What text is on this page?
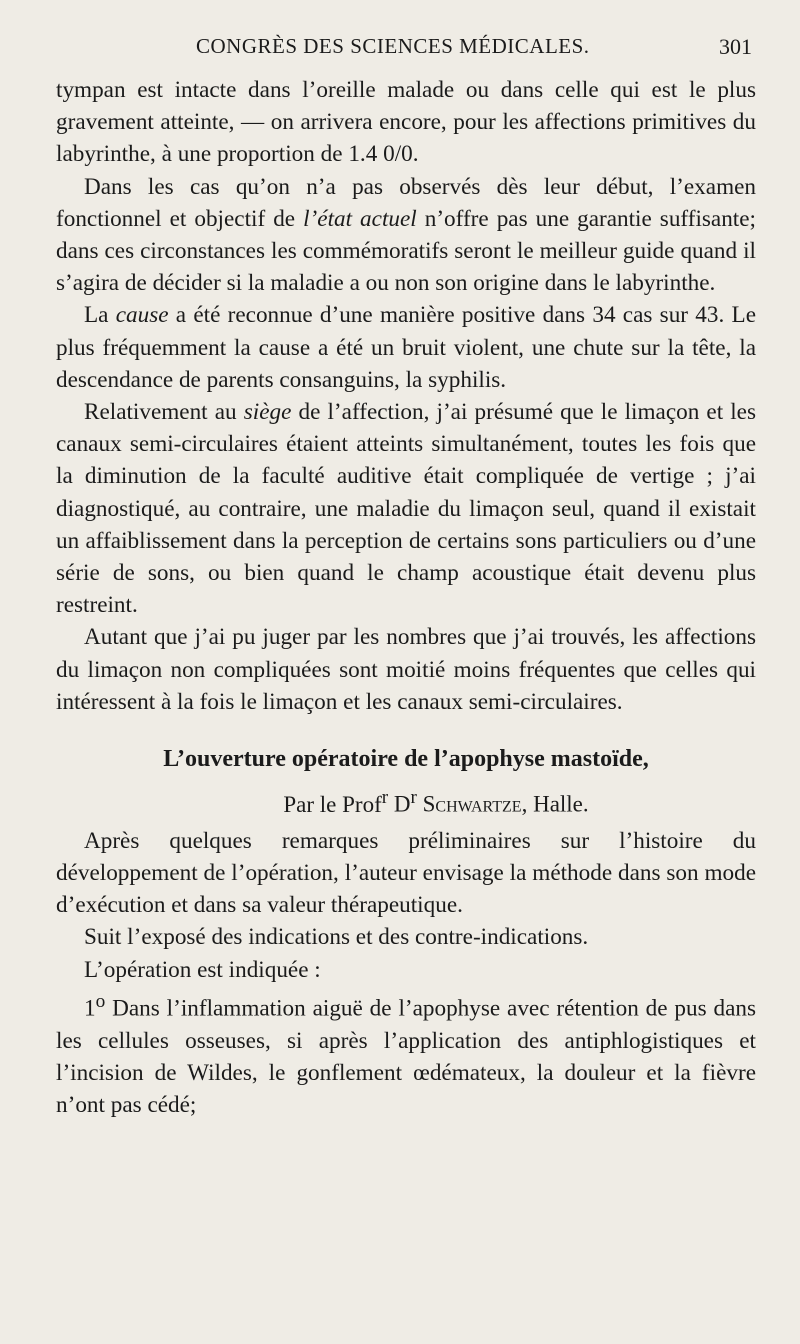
CONGRÈS DES SCIENCES MÉDICALES.	301

tympan est intacte dans l’oreille malade ou dans celle qui est le plus gravement atteinte, — on arrivera encore, pour les affections primitives du labyrinthe, à une proportion de 1.4 0/0.

Dans les cas qu’on n’a pas observés dès leur début, l’examen fonctionnel et objectif de l’état actuel n’offre pas une garantie suffisante; dans ces circonstances les commémoratifs seront le meilleur guide quand il s’agira de décider si la maladie a ou non son origine dans le labyrinthe.

La cause a été reconnue d’une manière positive dans 34 cas sur 43. Le plus fréquemment la cause a été un bruit violent, une chute sur la tête, la descendance de parents consanguins, la syphilis.

Relativement au siège de l’affection, j’ai présumé que le limaçon et les canaux semi-circulaires étaient atteints simultanément, toutes les fois que la diminution de la faculté auditive était compliquée de vertige ; j’ai diagnostiqué, au contraire, une maladie du limaçon seul, quand il existait un affaiblissement dans la perception de certains sons particuliers ou d’une série de sons, ou bien quand le champ acoustique était devenu plus restreint.

Autant que j’ai pu juger par les nombres que j’ai trouvés, les affections du limaçon non compliquées sont moitié moins fréquentes que celles qui intéressent à la fois le limaçon et les canaux semi-circulaires.

L’ouverture opératoire de l’apophyse mastoïde,

Par le Prof$^r$ $D^r$ Schwartze, Halle.

Après quelques remarques préliminaires sur l’histoire du développement de l’opération, l’auteur envisage la méthode dans son mode d’exécution et dans sa valeur thérapeutique.

Suit l’exposé des indications et des contre-indications.

L’opération est indiquée :

1$^o$ Dans l’inflammation aiguë de l’apophyse avec rétention de pus dans les cellules osseuses, si après l’application des antiphlogistiques et l’incision de Wildes, le gonflement œdémateux, la douleur et la fièvre n’ont pas cédé;
